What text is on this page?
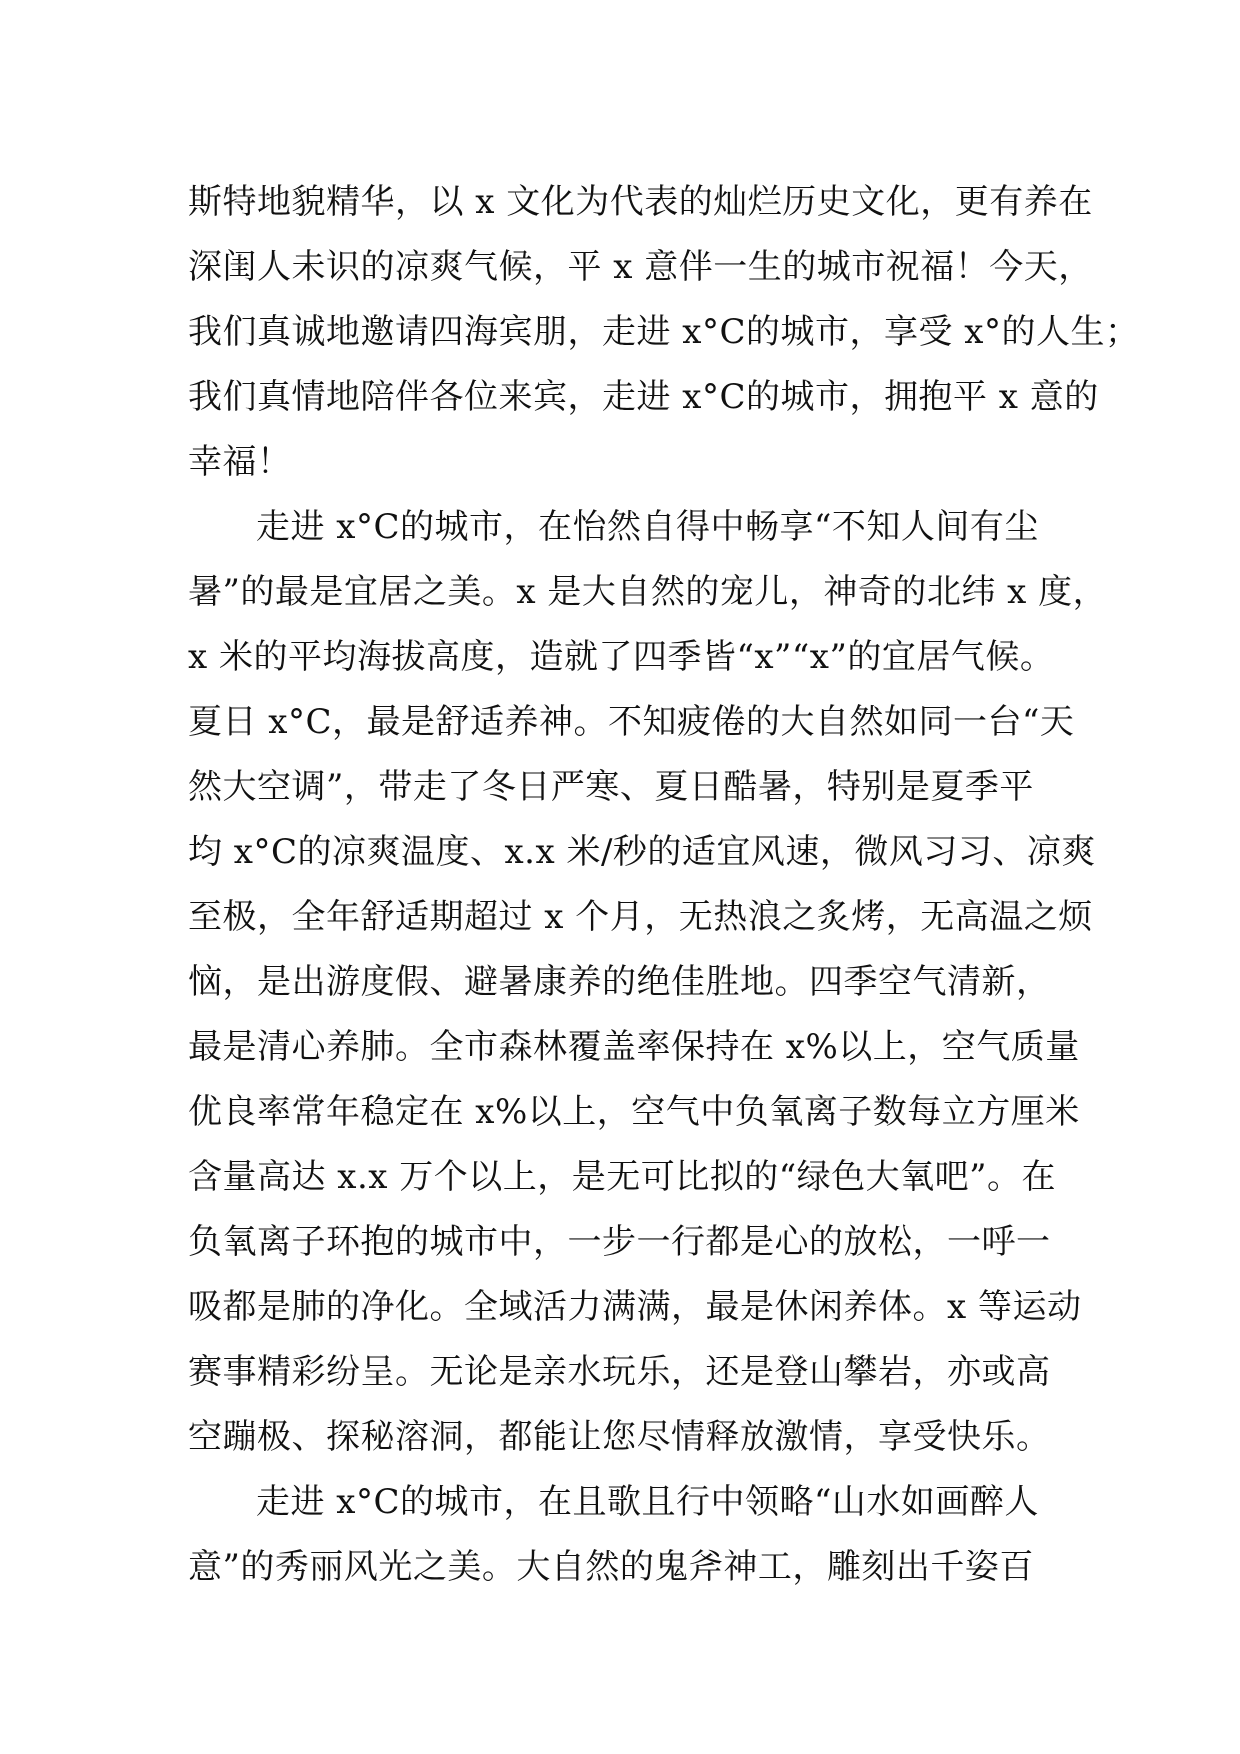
斯特地貌精华，以 x 文化为代表的灿烂历史文化，更有养在
深闺人未识的凉爽气候，平 x 意伴一生的城市祝福！今天，
我们真诚地邀请四海宾朋，走进 x°C的城市，享受 x°的人生；
我们真情地陪伴各位来宾，走进 x°C的城市，拥抱平 x 意的
幸福！
走进 x°C的城市，在怡然自得中畅享“不知人间有尘
暑”的最是宜居之美。x 是大自然的宠儿，神奇的北纬 x 度，
x 米的平均海拔高度，造就了四季皆“x”“x”的宜居气候。
夏日 x°C，最是舒适养神。不知疲倦的大自然如同一台“天
然大空调”，带走了冬日严寒、夏日酷暑，特别是夏季平
均 x°C的凉爽温度、x.x 米/秒的适宜风速，微风习习、凉爽
至极，全年舒适期超过 x 个月，无热浪之炙烤，无高温之烦
恼，是出游度假、避暑康养的绝佳胜地。四季空气清新，
最是清心养肺。全市森林覆盖率保持在 x%以上，空气质量
优良率常年稳定在 x%以上，空气中负氧离子数每立方厘米
含量高达 x.x 万个以上，是无可比拟的“绿色大氧吧”。在
负氧离子环抱的城市中，一步一行都是心的放松，一呼一
吸都是肺的净化。全域活力满满，最是休闲养体。x 等运动
赛事精彩纷呈。无论是亲水玩乐，还是登山攀岩，亦或高
空蹦极、探秘溶洞，都能让您尽情释放激情，享受快乐。
走进 x°C的城市，在且歌且行中领略“山水如画醉人
意”的秀丽风光之美。大自然的鬼斧神工，雕刻出千姿百
